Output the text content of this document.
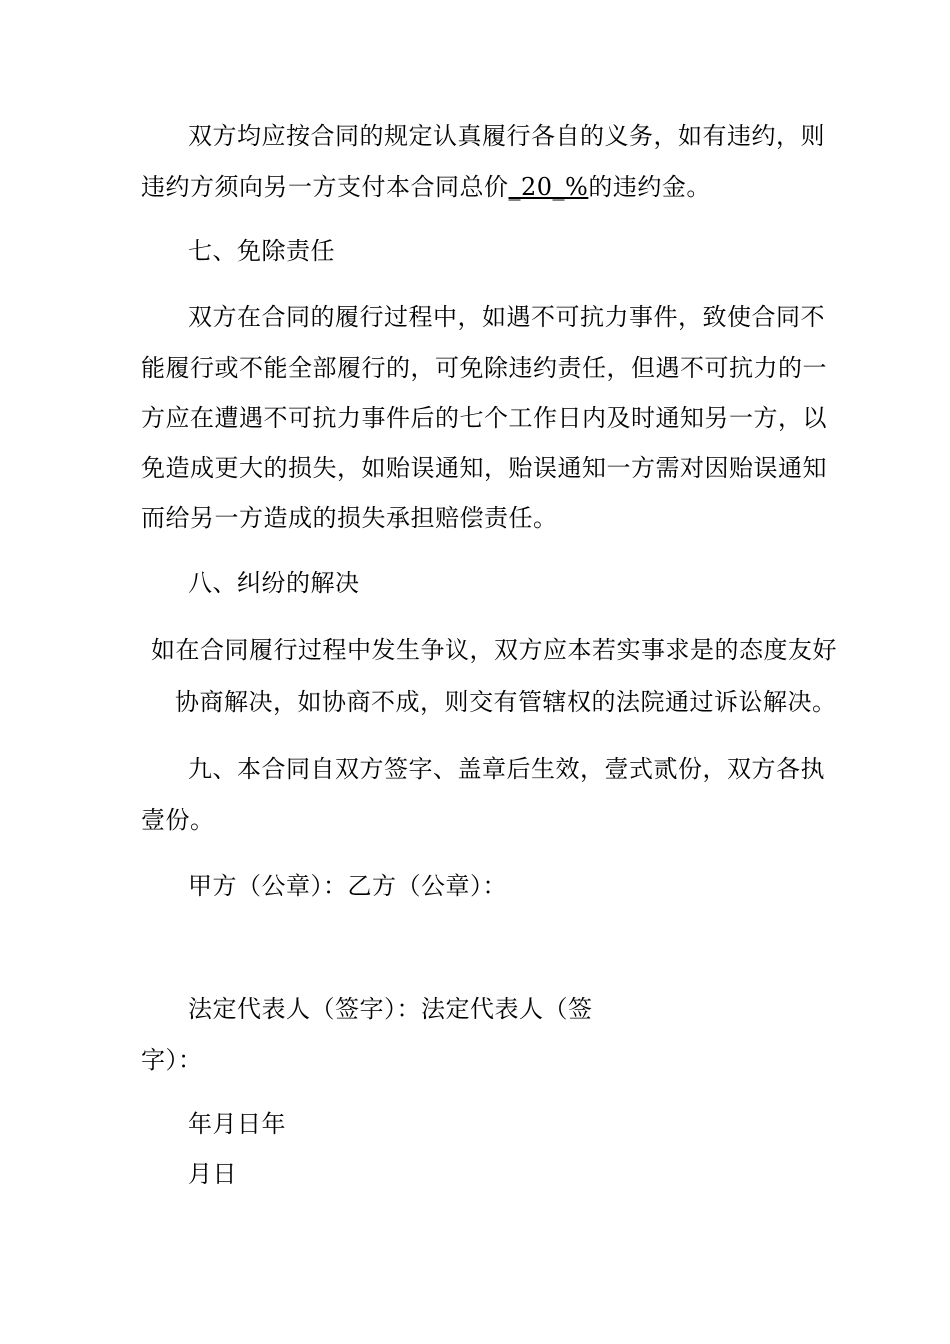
双方均应按合同的规定认真履行各自的义务，如有违约，则
违约方须向另一方支付本合同总价_20_%的违约金。
七、免除责任
双方在合同的履行过程中，如遇不可抗力事件，致使合同不
能履行或不能全部履行的，可免除违约责任，但遇不可抗力的一
方应在遭遇不可抗力事件后的七个工作日内及时通知另一方，以
免造成更大的损失，如贻误通知，贻误通知一方需对因贻误通知
而给另一方造成的损失承担赔偿责任。
八、纠纷的解决
如在合同履行过程中发生争议，双方应本若实事求是的态度友好
协商解决，如协商不成，则交有管辖权的法院通过诉讼解决。
九、本合同自双方签字、盖章后生效，壹式贰份，双方各执
壹份。
甲方（公章）：乙方（公章）：
法定代表人（签字）：法定代表人（签
字）：
年月日年
月日
